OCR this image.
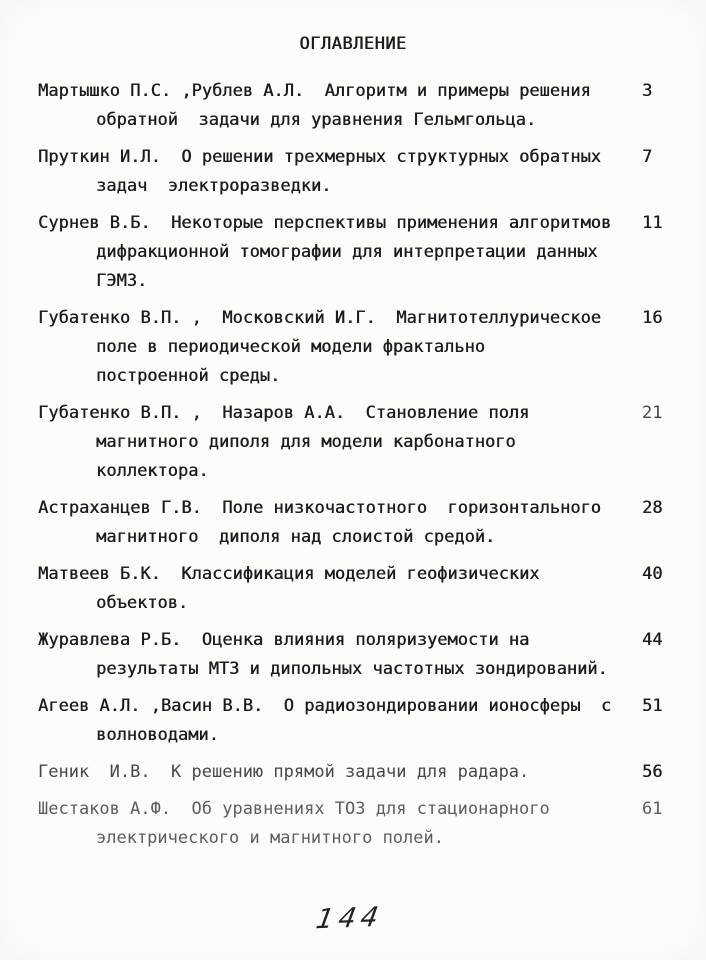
ОГЛАВЛЕНИЕ
Мартышко П.С. ,Рублев А.Л.  Алгоритм и примеры решения
обратной  задачи для уравнения Гельмгольца.
3
Пруткин И.Л.  О решении трехмерных структурных обратных
задач  электроразведки.
7
Сурнев В.Б.  Некоторые перспективы применения алгоритмов
дифракционной томографии для интерпретации данных
ГЭМЗ.
11
Губатенко В.П. ,  Московский И.Г.  Магнитотеллурическое
поле в периодической модели фрактально
построенной среды.
16
Губатенко В.П. ,  Назаров А.А.  Становление поля
магнитного диполя для модели карбонатного
коллектора.
21
Астраханцев Г.В.  Поле низкочастотного  горизонтального
магнитного  диполя над слоистой средой.
28
Матвеев Б.К.  Классификация моделей геофизических
объектов.
40
Журавлева Р.Б.  Оценка влияния поляризуемости на
результаты МТЗ и дипольных частотных зондирований.
44
Агеев А.Л. ,Васин В.В.  О радиозондировании ионосферы  с
волноводами.
51
Геник  И.В.  К решению прямой задачи для радара.	56
Шестаков А.Ф.  Об уравнениях ТОЗ для стационарного
электрического и магнитного полей.
61
144
